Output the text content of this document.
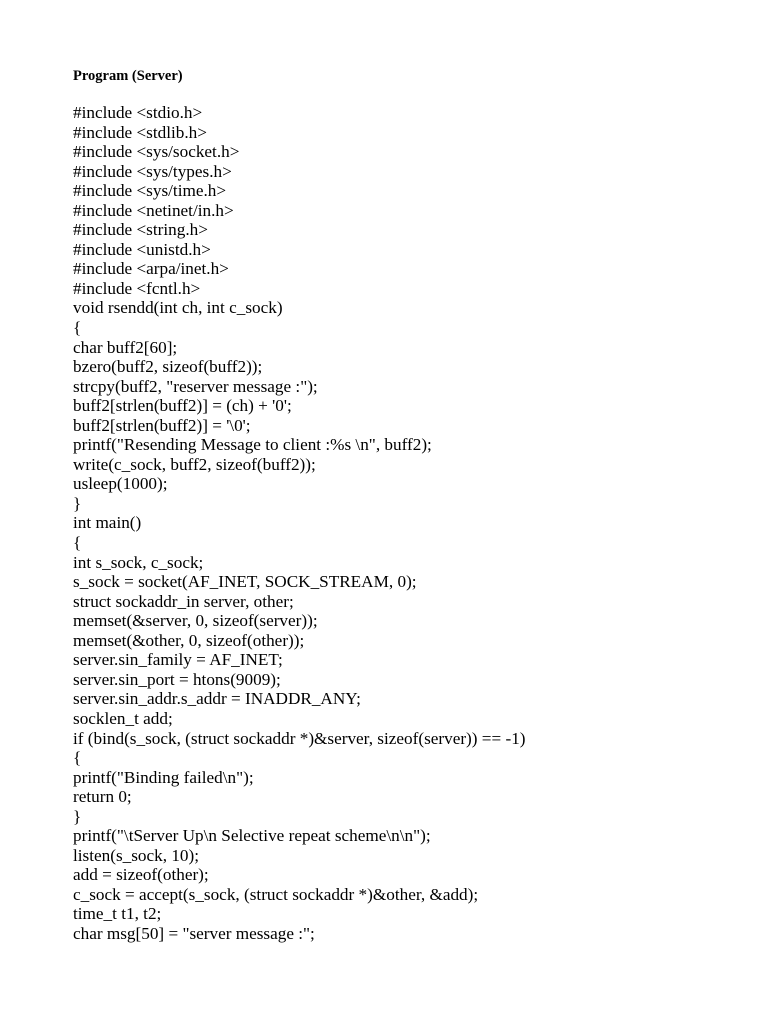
Program (Server)
#include <stdio.h>
#include <stdlib.h>
#include <sys/socket.h>
#include <sys/types.h>
#include <sys/time.h>
#include <netinet/in.h>
#include <string.h>
#include <unistd.h>
#include <arpa/inet.h>
#include <fcntl.h>
void rsendd(int ch, int c_sock)
{
char buff2[60];
bzero(buff2, sizeof(buff2));
strcpy(buff2, "reserver message :");
buff2[strlen(buff2)] = (ch) + '0';
buff2[strlen(buff2)] = '\0';
printf("Resending Message to client :%s \n", buff2);
write(c_sock, buff2, sizeof(buff2));
usleep(1000);
}
int main()
{
int s_sock, c_sock;
s_sock = socket(AF_INET, SOCK_STREAM, 0);
struct sockaddr_in server, other;
memset(&server, 0, sizeof(server));
memset(&other, 0, sizeof(other));
server.sin_family = AF_INET;
server.sin_port = htons(9009);
server.sin_addr.s_addr = INADDR_ANY;
socklen_t add;
if (bind(s_sock, (struct sockaddr *)&server, sizeof(server)) == -1)
{
printf("Binding failed\n");
return 0;
}
printf("\tServer Up\n Selective repeat scheme\n\n");
listen(s_sock, 10);
add = sizeof(other);
c_sock = accept(s_sock, (struct sockaddr *)&other, &add);
time_t t1, t2;
char msg[50] = "server message :";
